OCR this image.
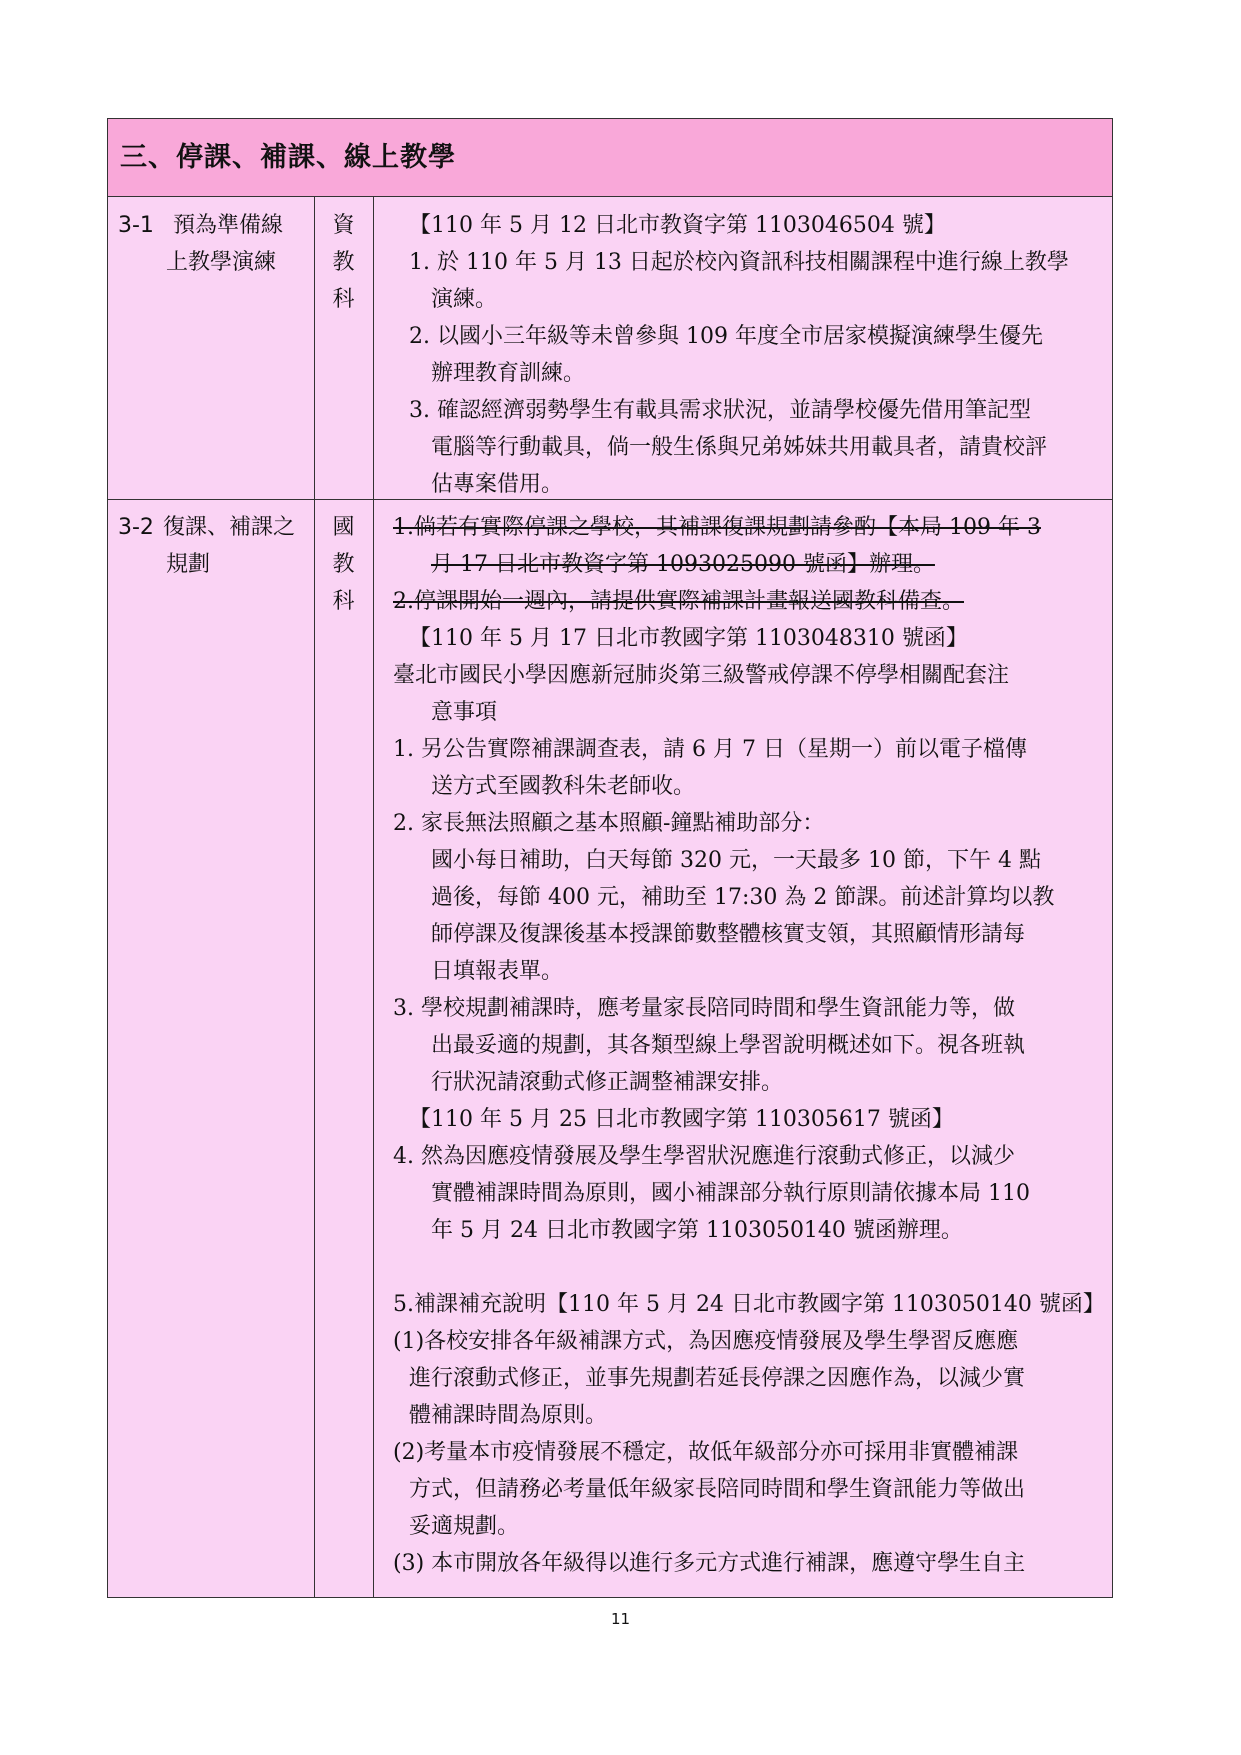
三、停課、補課、線上教學
3-1 預為準備線
上教學演練
資
教
科
【110 年 5 月 12 日北市教資字第 1103046504 號】
1. 於 110 年 5 月 13 日起於校內資訊科技相關課程中進行線上教學
演練。
2. 以國小三年級等未曾參與 109 年度全市居家模擬演練學生優先
辦理教育訓練。
3. 確認經濟弱勢學生有載具需求狀況，並請學校優先借用筆記型
電腦等行動載具，倘一般生係與兄弟姊妹共用載具者，請貴校評
估專案借用。
3-2 復課、補課之
規劃
國
教
科
1.倘若有實際停課之學校，其補課復課規劃請參酌【本局 109 年 3
月 17 日北市教資字第 1093025090 號函】辦理。
2.停課開始一週內，請提供實際補課計畫報送國教科備查。
【110 年 5 月 17 日北市教國字第 1103048310 號函】
臺北市國民小學因應新冠肺炎第三級警戒停課不停學相關配套注
意事項
1. 另公告實際補課調查表，請 6 月 7 日（星期一）前以電子檔傳
送方式至國教科朱老師收。
2. 家長無法照顧之基本照顧-鐘點補助部分：
國小每日補助，白天每節 320 元，一天最多 10 節，下午 4 點
過後，每節 400 元，補助至 17:30 為 2 節課。前述計算均以教
師停課及復課後基本授課節數整體核實支領，其照顧情形請每
日填報表單。
3. 學校規劃補課時，應考量家長陪同時間和學生資訊能力等，做
出最妥適的規劃，其各類型線上學習說明概述如下。視各班執
行狀況請滾動式修正調整補課安排。
【110 年 5 月 25 日北市教國字第 110305617 號函】
4. 然為因應疫情發展及學生學習狀況應進行滾動式修正，以減少
實體補課時間為原則，國小補課部分執行原則請依據本局 110
年 5 月 24 日北市教國字第 1103050140 號函辦理。
5.補課補充說明【110 年 5 月 24 日北市教國字第 1103050140 號函】
(1)各校安排各年級補課方式，為因應疫情發展及學生學習反應應
進行滾動式修正，並事先規劃若延長停課之因應作為，以減少實
體補課時間為原則。
(2)考量本市疫情發展不穩定，故低年級部分亦可採用非實體補課
方式，但請務必考量低年級家長陪同時間和學生資訊能力等做出
妥適規劃。
(3) 本市開放各年級得以進行多元方式進行補課，應遵守學生自主
11
